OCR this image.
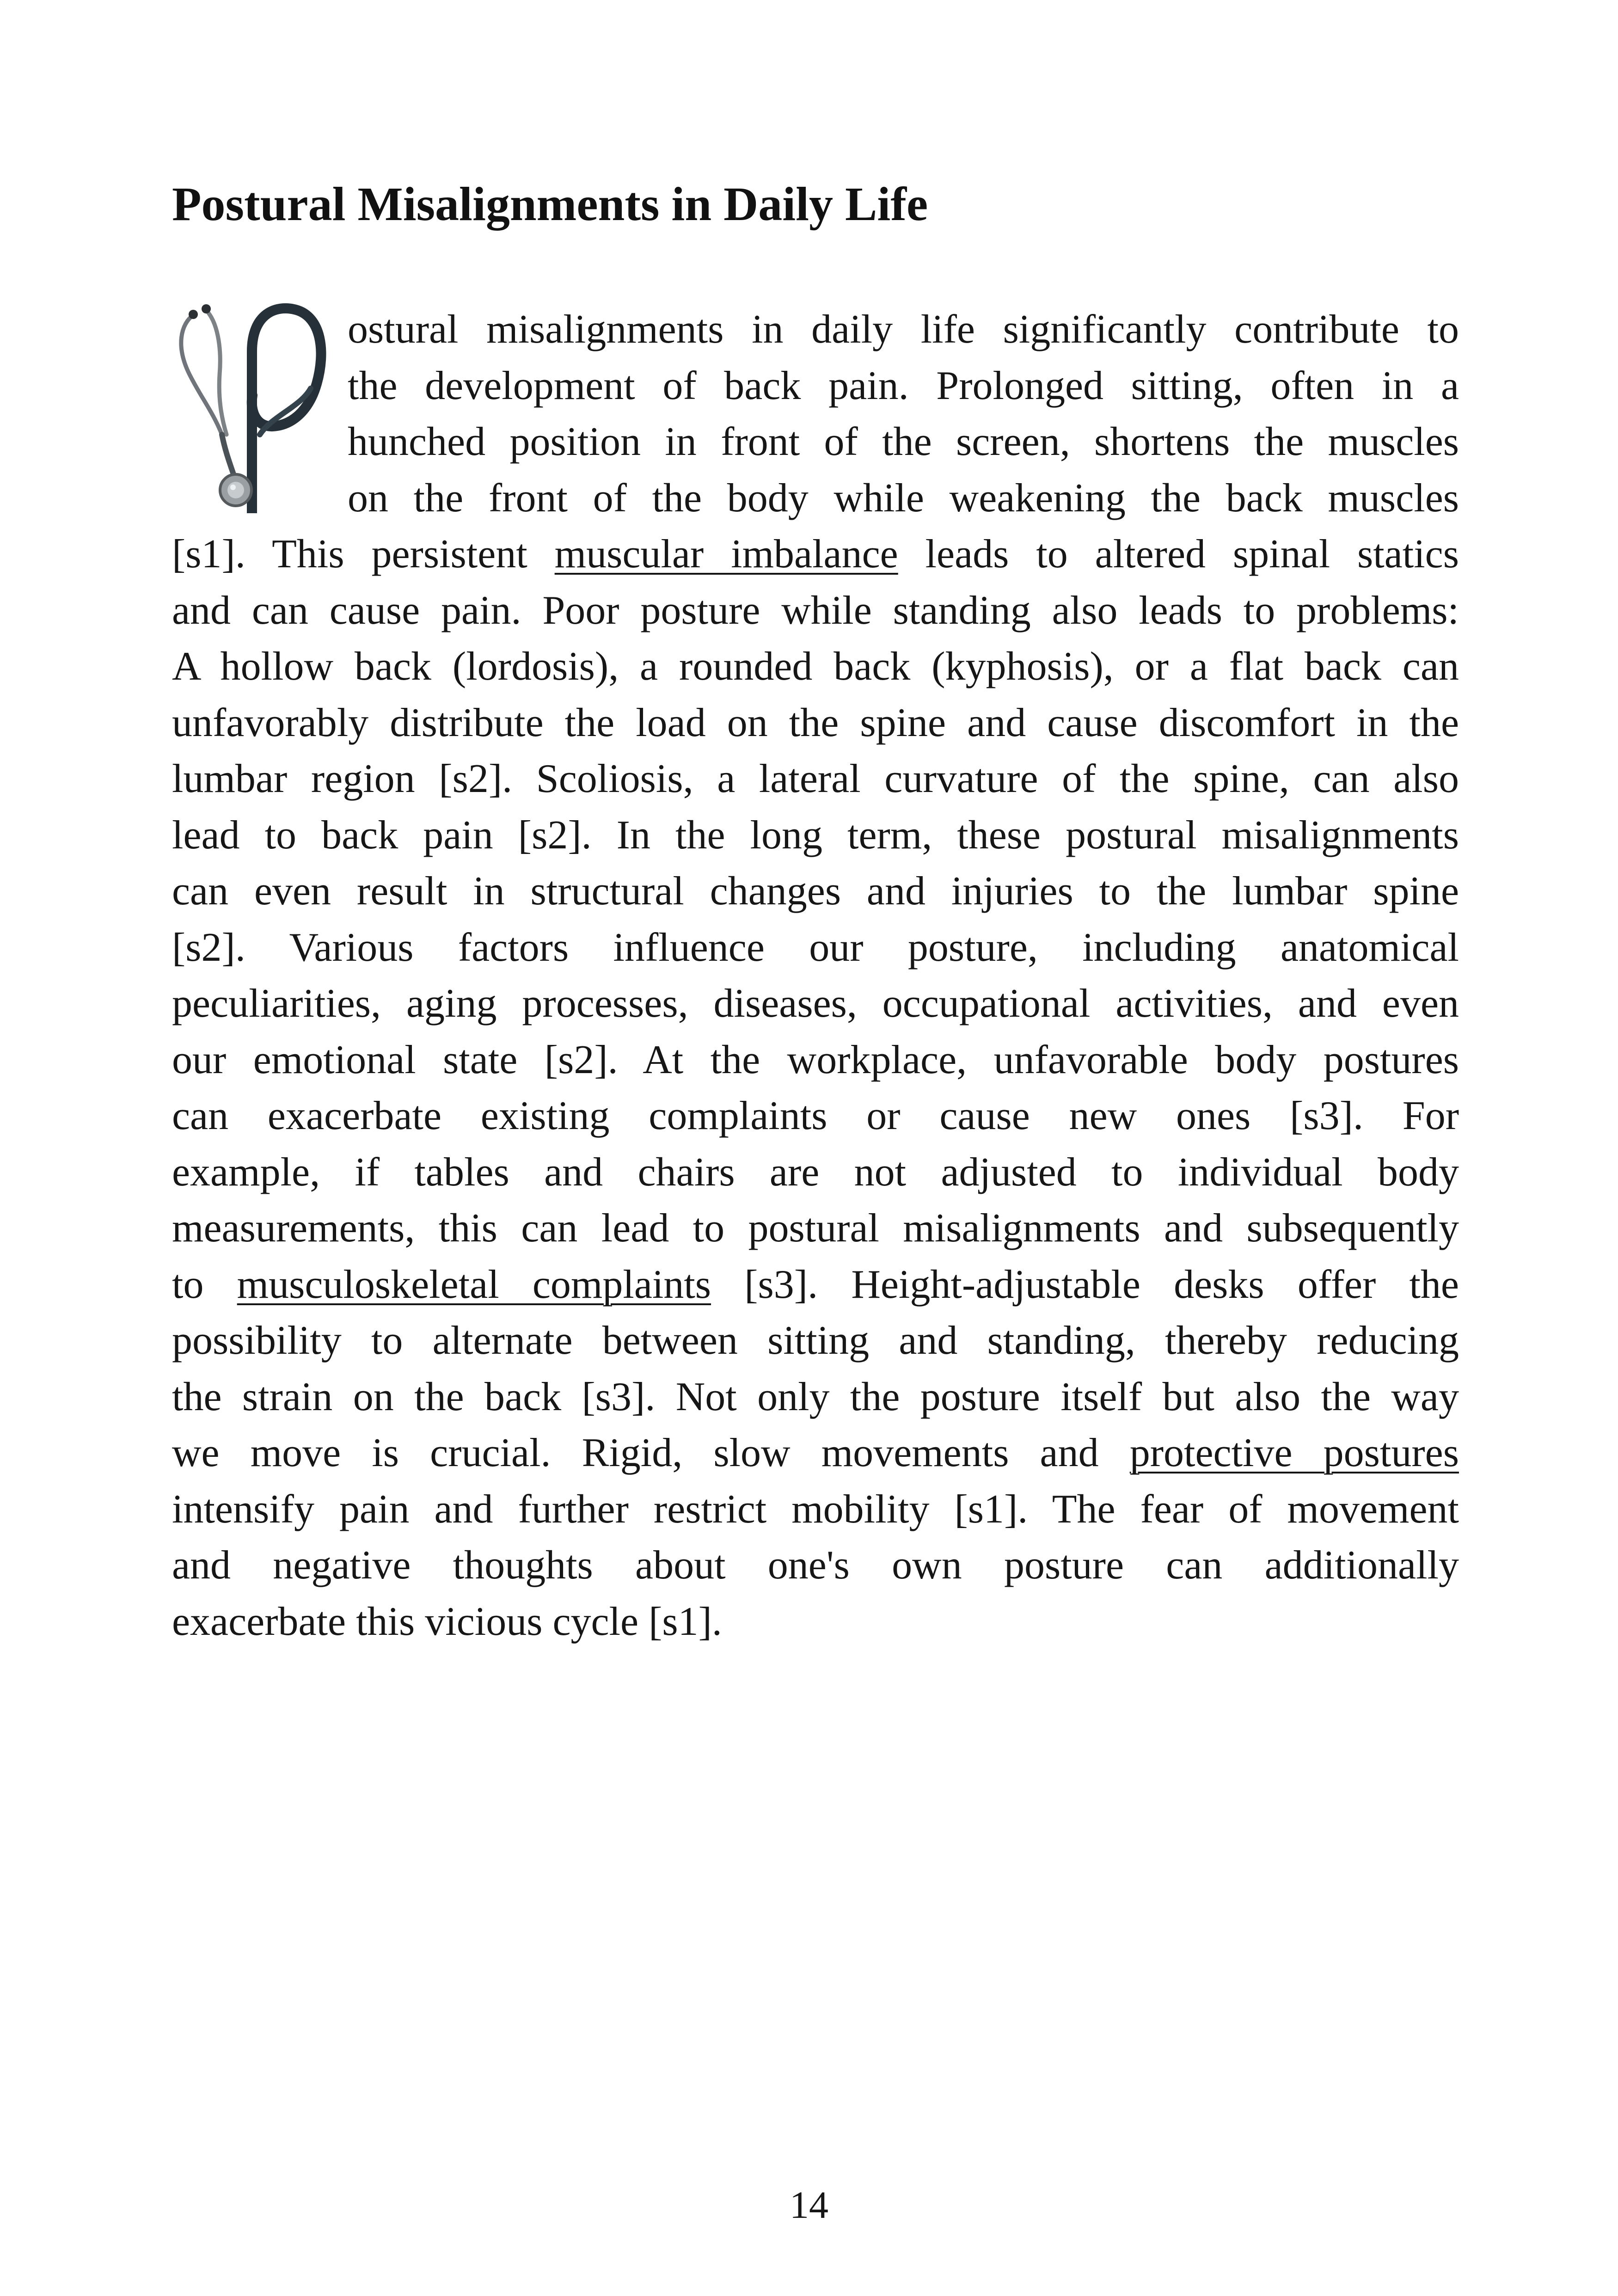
Postural Misalignments in Daily Life
ostural misalignments in daily life significantly contribute to
the development of back pain. Prolonged sitting, often in a
hunched position in front of the screen, shortens the muscles
on the front of the body while weakening the back muscles
[s1]. This persistent muscular imbalance leads to altered spinal statics
and can cause pain. Poor posture while standing also leads to problems:
A hollow back (lordosis), a rounded back (kyphosis), or a flat back can
unfavorably distribute the load on the spine and cause discomfort in the
lumbar region [s2]. Scoliosis, a lateral curvature of the spine, can also
lead to back pain [s2]. In the long term, these postural misalignments
can even result in structural changes and injuries to the lumbar spine
[s2]. Various factors influence our posture, including anatomical
peculiarities, aging processes, diseases, occupational activities, and even
our emotional state [s2]. At the workplace, unfavorable body postures
can exacerbate existing complaints or cause new ones [s3]. For
example, if tables and chairs are not adjusted to individual body
measurements, this can lead to postural misalignments and subsequently
to musculoskeletal complaints [s3]. Height-adjustable desks offer the
possibility to alternate between sitting and standing, thereby reducing
the strain on the back [s3]. Not only the posture itself but also the way
we move is crucial. Rigid, slow movements and protective postures
intensify pain and further restrict mobility [s1]. The fear of movement
and negative thoughts about one's own posture can additionally
exacerbate this vicious cycle [s1].
14
